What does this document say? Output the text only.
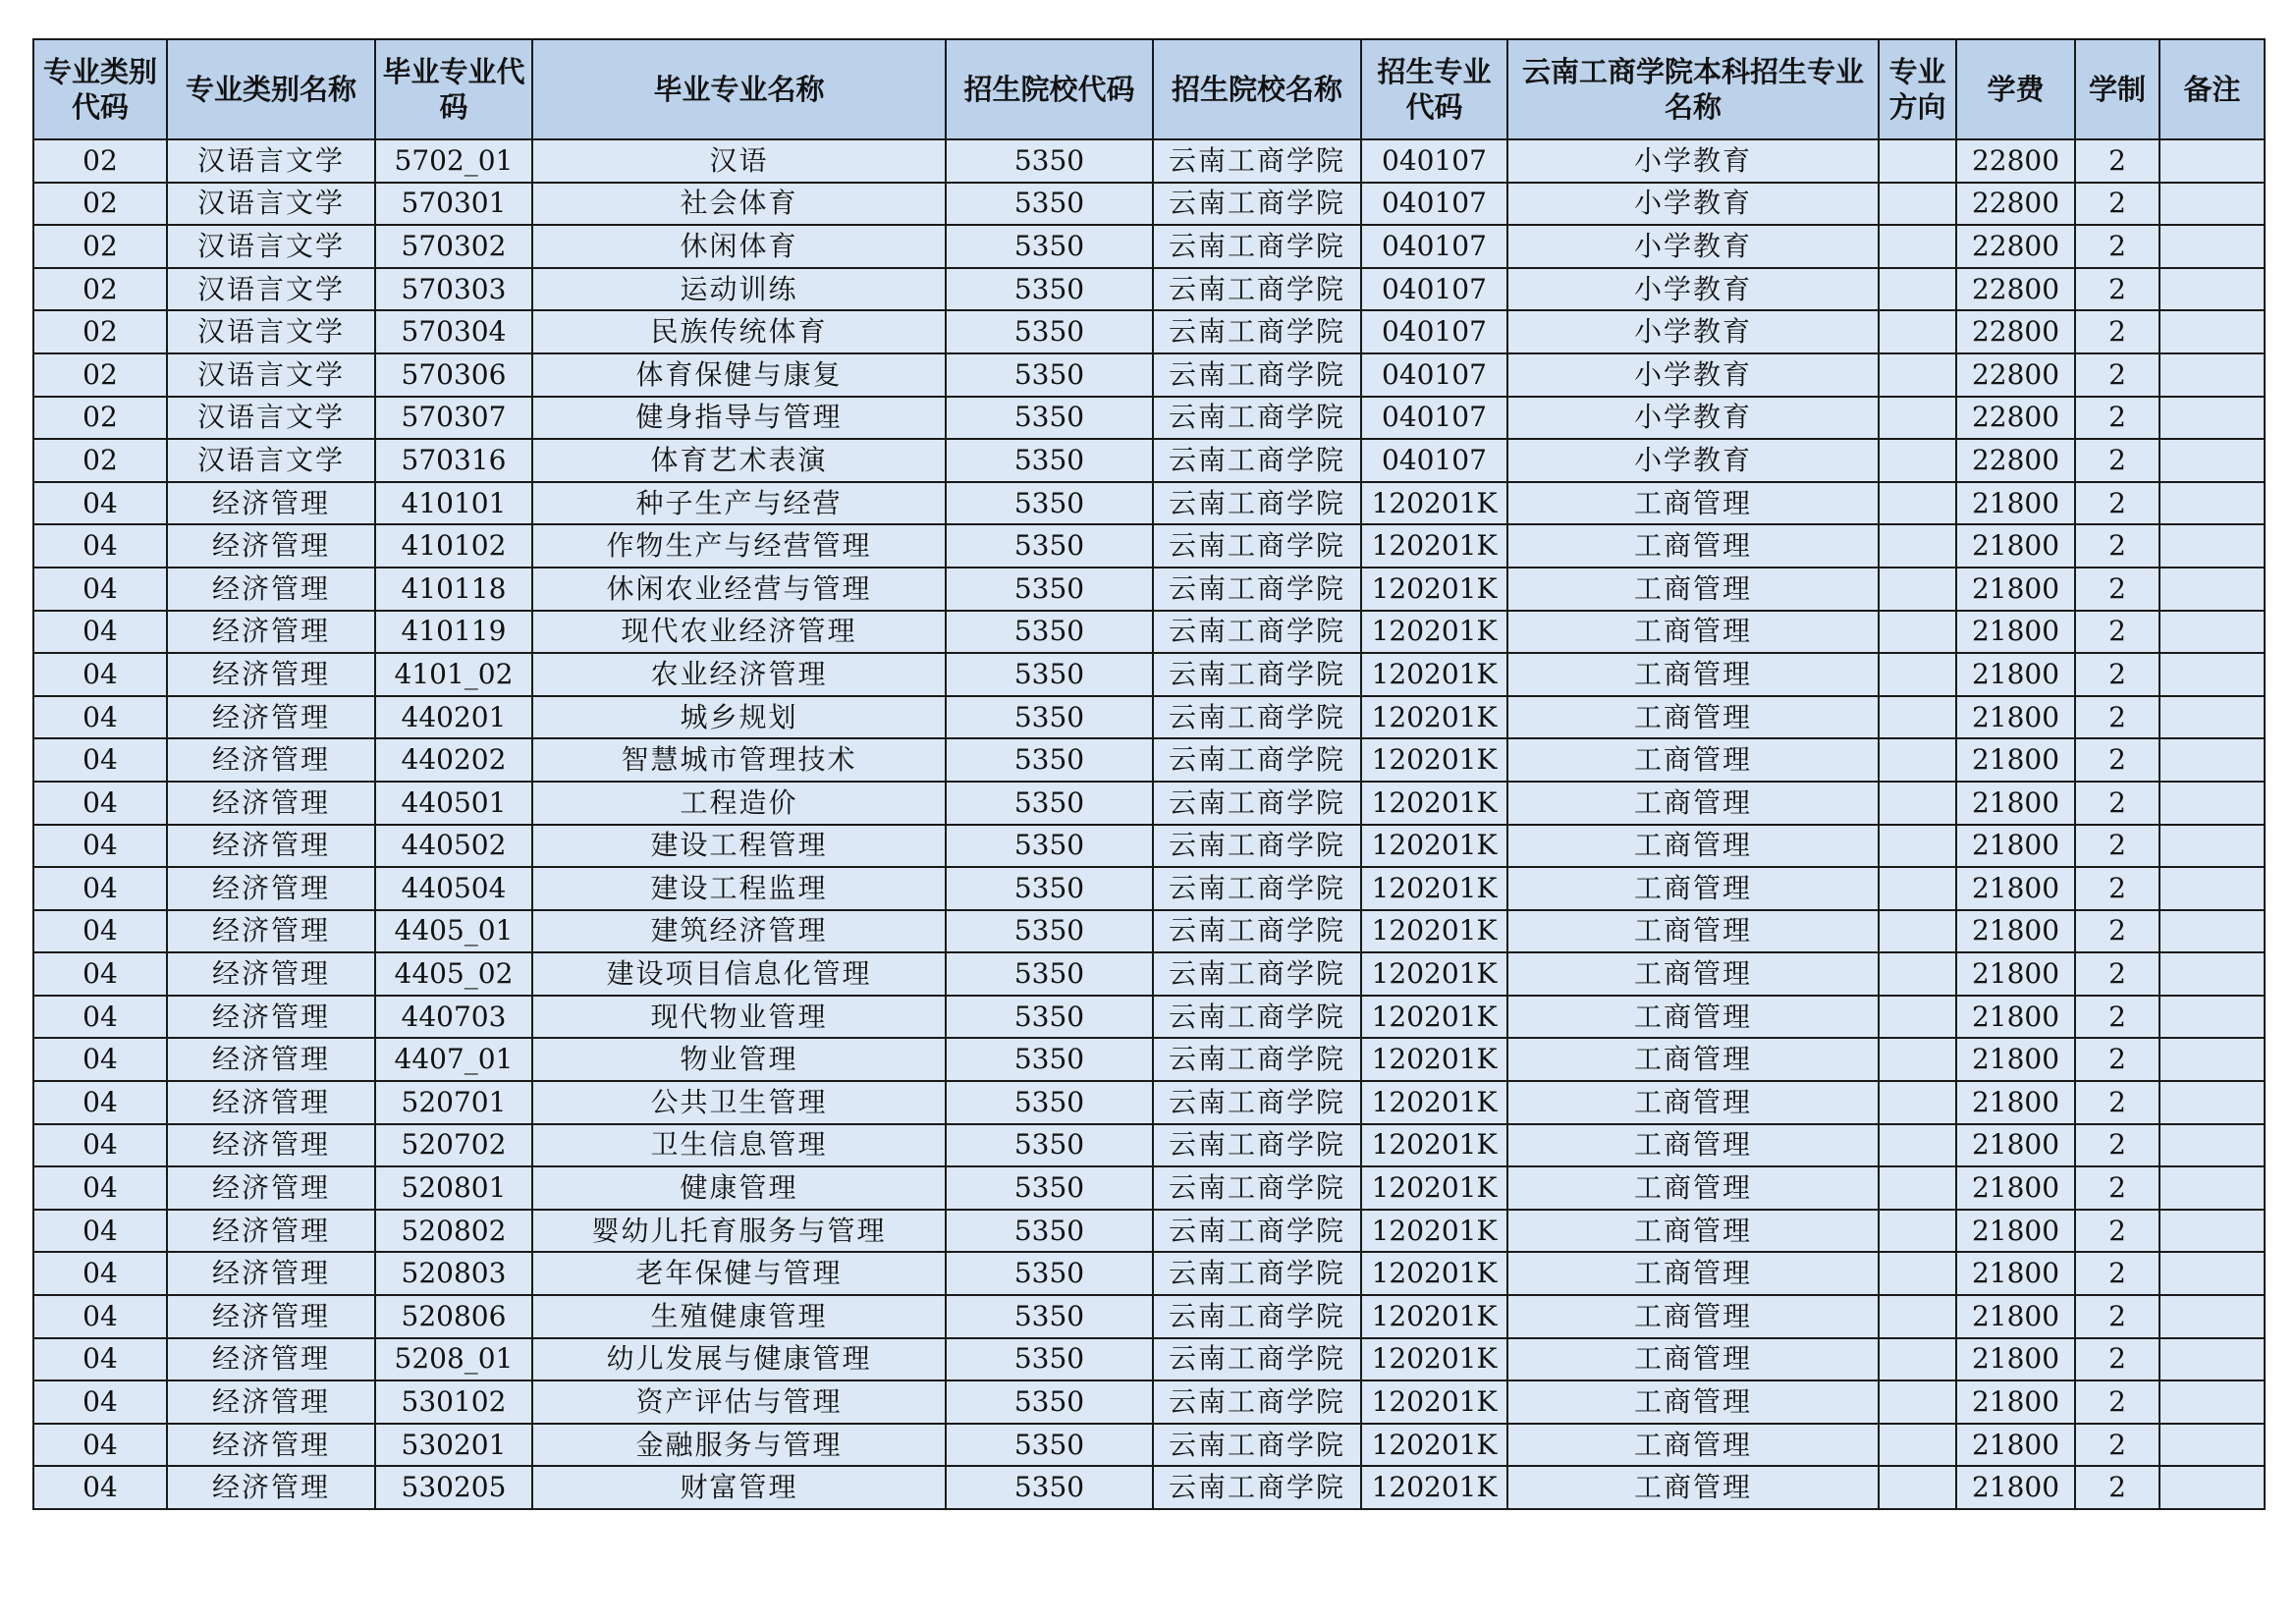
专业类别代码	专业类别名称	毕业专业代码	毕业专业名称	招生院校代码	招生院校名称	招生专业代码	云南工商学院本科招生专业名称	专业方向	学费	学制	备注
02	汉语言文学	5702_01	汉语	5350	云南工商学院	040107	小学教育		22800	2	
02	汉语言文学	570301	社会体育	5350	云南工商学院	040107	小学教育		22800	2	
02	汉语言文学	570302	休闲体育	5350	云南工商学院	040107	小学教育		22800	2	
02	汉语言文学	570303	运动训练	5350	云南工商学院	040107	小学教育		22800	2	
02	汉语言文学	570304	民族传统体育	5350	云南工商学院	040107	小学教育		22800	2	
02	汉语言文学	570306	体育保健与康复	5350	云南工商学院	040107	小学教育		22800	2	
02	汉语言文学	570307	健身指导与管理	5350	云南工商学院	040107	小学教育		22800	2	
02	汉语言文学	570316	体育艺术表演	5350	云南工商学院	040107	小学教育		22800	2	
04	经济管理	410101	种子生产与经营	5350	云南工商学院	120201K	工商管理		21800	2	
04	经济管理	410102	作物生产与经营管理	5350	云南工商学院	120201K	工商管理		21800	2	
04	经济管理	410118	休闲农业经营与管理	5350	云南工商学院	120201K	工商管理		21800	2	
04	经济管理	410119	现代农业经济管理	5350	云南工商学院	120201K	工商管理		21800	2	
04	经济管理	4101_02	农业经济管理	5350	云南工商学院	120201K	工商管理		21800	2	
04	经济管理	440201	城乡规划	5350	云南工商学院	120201K	工商管理		21800	2	
04	经济管理	440202	智慧城市管理技术	5350	云南工商学院	120201K	工商管理		21800	2	
04	经济管理	440501	工程造价	5350	云南工商学院	120201K	工商管理		21800	2	
04	经济管理	440502	建设工程管理	5350	云南工商学院	120201K	工商管理		21800	2	
04	经济管理	440504	建设工程监理	5350	云南工商学院	120201K	工商管理		21800	2	
04	经济管理	4405_01	建筑经济管理	5350	云南工商学院	120201K	工商管理		21800	2	
04	经济管理	4405_02	建设项目信息化管理	5350	云南工商学院	120201K	工商管理		21800	2	
04	经济管理	440703	现代物业管理	5350	云南工商学院	120201K	工商管理		21800	2	
04	经济管理	4407_01	物业管理	5350	云南工商学院	120201K	工商管理		21800	2	
04	经济管理	520701	公共卫生管理	5350	云南工商学院	120201K	工商管理		21800	2	
04	经济管理	520702	卫生信息管理	5350	云南工商学院	120201K	工商管理		21800	2	
04	经济管理	520801	健康管理	5350	云南工商学院	120201K	工商管理		21800	2	
04	经济管理	520802	婴幼儿托育服务与管理	5350	云南工商学院	120201K	工商管理		21800	2	
04	经济管理	520803	老年保健与管理	5350	云南工商学院	120201K	工商管理		21800	2	
04	经济管理	520806	生殖健康管理	5350	云南工商学院	120201K	工商管理		21800	2	
04	经济管理	5208_01	幼儿发展与健康管理	5350	云南工商学院	120201K	工商管理		21800	2	
04	经济管理	530102	资产评估与管理	5350	云南工商学院	120201K	工商管理		21800	2	
04	经济管理	530201	金融服务与管理	5350	云南工商学院	120201K	工商管理		21800	2	
04	经济管理	530205	财富管理	5350	云南工商学院	120201K	工商管理		21800	2	
